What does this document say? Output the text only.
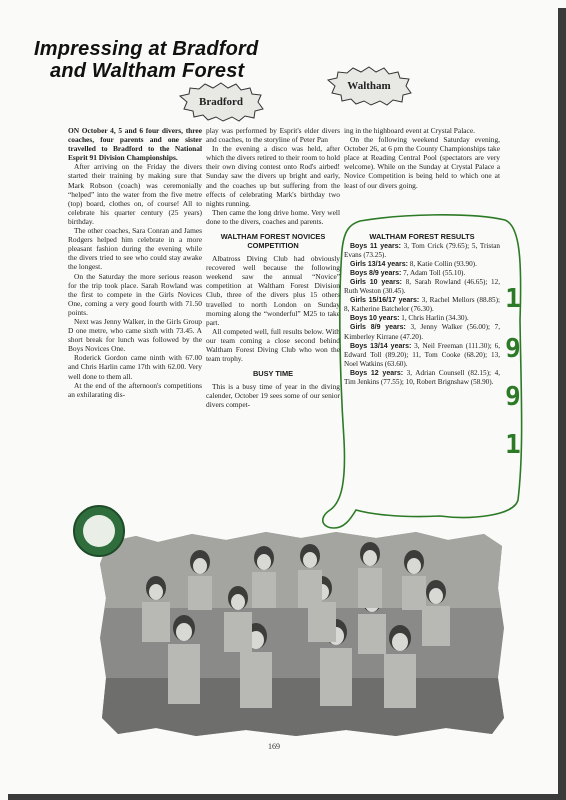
Impressing at Bradford
and Waltham Forest
Bradford
Waltham

ON October 4, 5 and 6 four divers, three coaches, four parents and one sister travelled to Bradford to the National Esprit 91 Division Championships.

After arriving on the Friday the divers started their training by making sure that Mark Robson (coach) was ceremonially “helped” into the water from the five metre (top) board, clothes on, of course! All to celebrate his quarter century (25 years) birthday.

The other coaches, Sara Conran and James Rodgers helped him celebrate in a more pleasant fashion during the evening while the divers tried to see who could stay awake the longest.

On the Saturday the more serious reason for the trip took place. Sarah Rowland was the first to compete in the Girls Novices One, coming a very good fourth with 71.50 points.

Next was Jenny Walker, in the Girls Group D one metre, who came sixth with 73.45. A short break for lunch was followed by the Boys Novices One.

Roderick Gordon came ninth with 67.00 and Chris Harlin came 17th with 62.00. Very well done to them all.

At the end of the afternoon's competitions an exhilarating dis-

play was performed by Esprit's elder divers and coaches, to the storyline of Peter Pan

In the evening a disco was held, after which the divers retired to their room to hold their own diving contest onto Rod's airbed! Sunday saw the divers up bright and early, and the coaches up but suffering from the effects of celebrating Mark's birthday two nights running.

Then came the long drive home. Very well done to the divers, coaches and parents.

WALTHAM FOREST NOVICES COMPETITION

Albatross Diving Club had obviously recovered well because the following weekend saw the annual “Novice” competition at Waltham Forest Division Club, three of the divers plus 15 others travelled to north London on Sunday morning along the “wonderful” M25 to take part.

All competed well, full results below. With our team coming a close second behind Waltham Forest Diving Club who won the team trophy.

BUSY TIME

This is a busy time of year in the diving calender, October 19 sees some of our senior divers compet-

ing in the highboard event at Crystal Palace.

On the following weekend Saturday evening, October 26, at 6 pm the County Championships take place at Reading Central Pool (spectators are very welcome). While on the Sunday at Crystal Palace a Novice Competition is being held to which one at least of our divers going.

WALTHAM FOREST RESULTS

Boys 11 years: 3, Tom Crick (79.65); 5, Tristan Evans (73.25).

Girls 13/14 years: 8, Katie Collin (93.90).

Boys 8/9 years: 7, Adam Toll (55.10).

Girls 10 years: 8, Sarah Rowland (46.65); 12, Ruth Weston (30.45).

Girls 15/16/17 years: 3, Rachel Mellors (88.85); 8, Katherine Batchelor (76.30).

Boys 10 years: 1, Chris Harlin (34.30).

Girls 8/9 years: 3, Jenny Walker (56.00); 7, Kimberley Kirrane (47.20).

Boys 13/14 years: 3, Neil Freeman (111.30); 6, Edward Toll (89.20); 11, Tom Cooke (68.20); 13, Noel Watkins (63.60).

Boys 12 years: 3, Adrian Counsell (82.15); 4, Tim Jenkins (77.55); 10, Robert Brignshaw (58.90).

1
9
9
1
169
